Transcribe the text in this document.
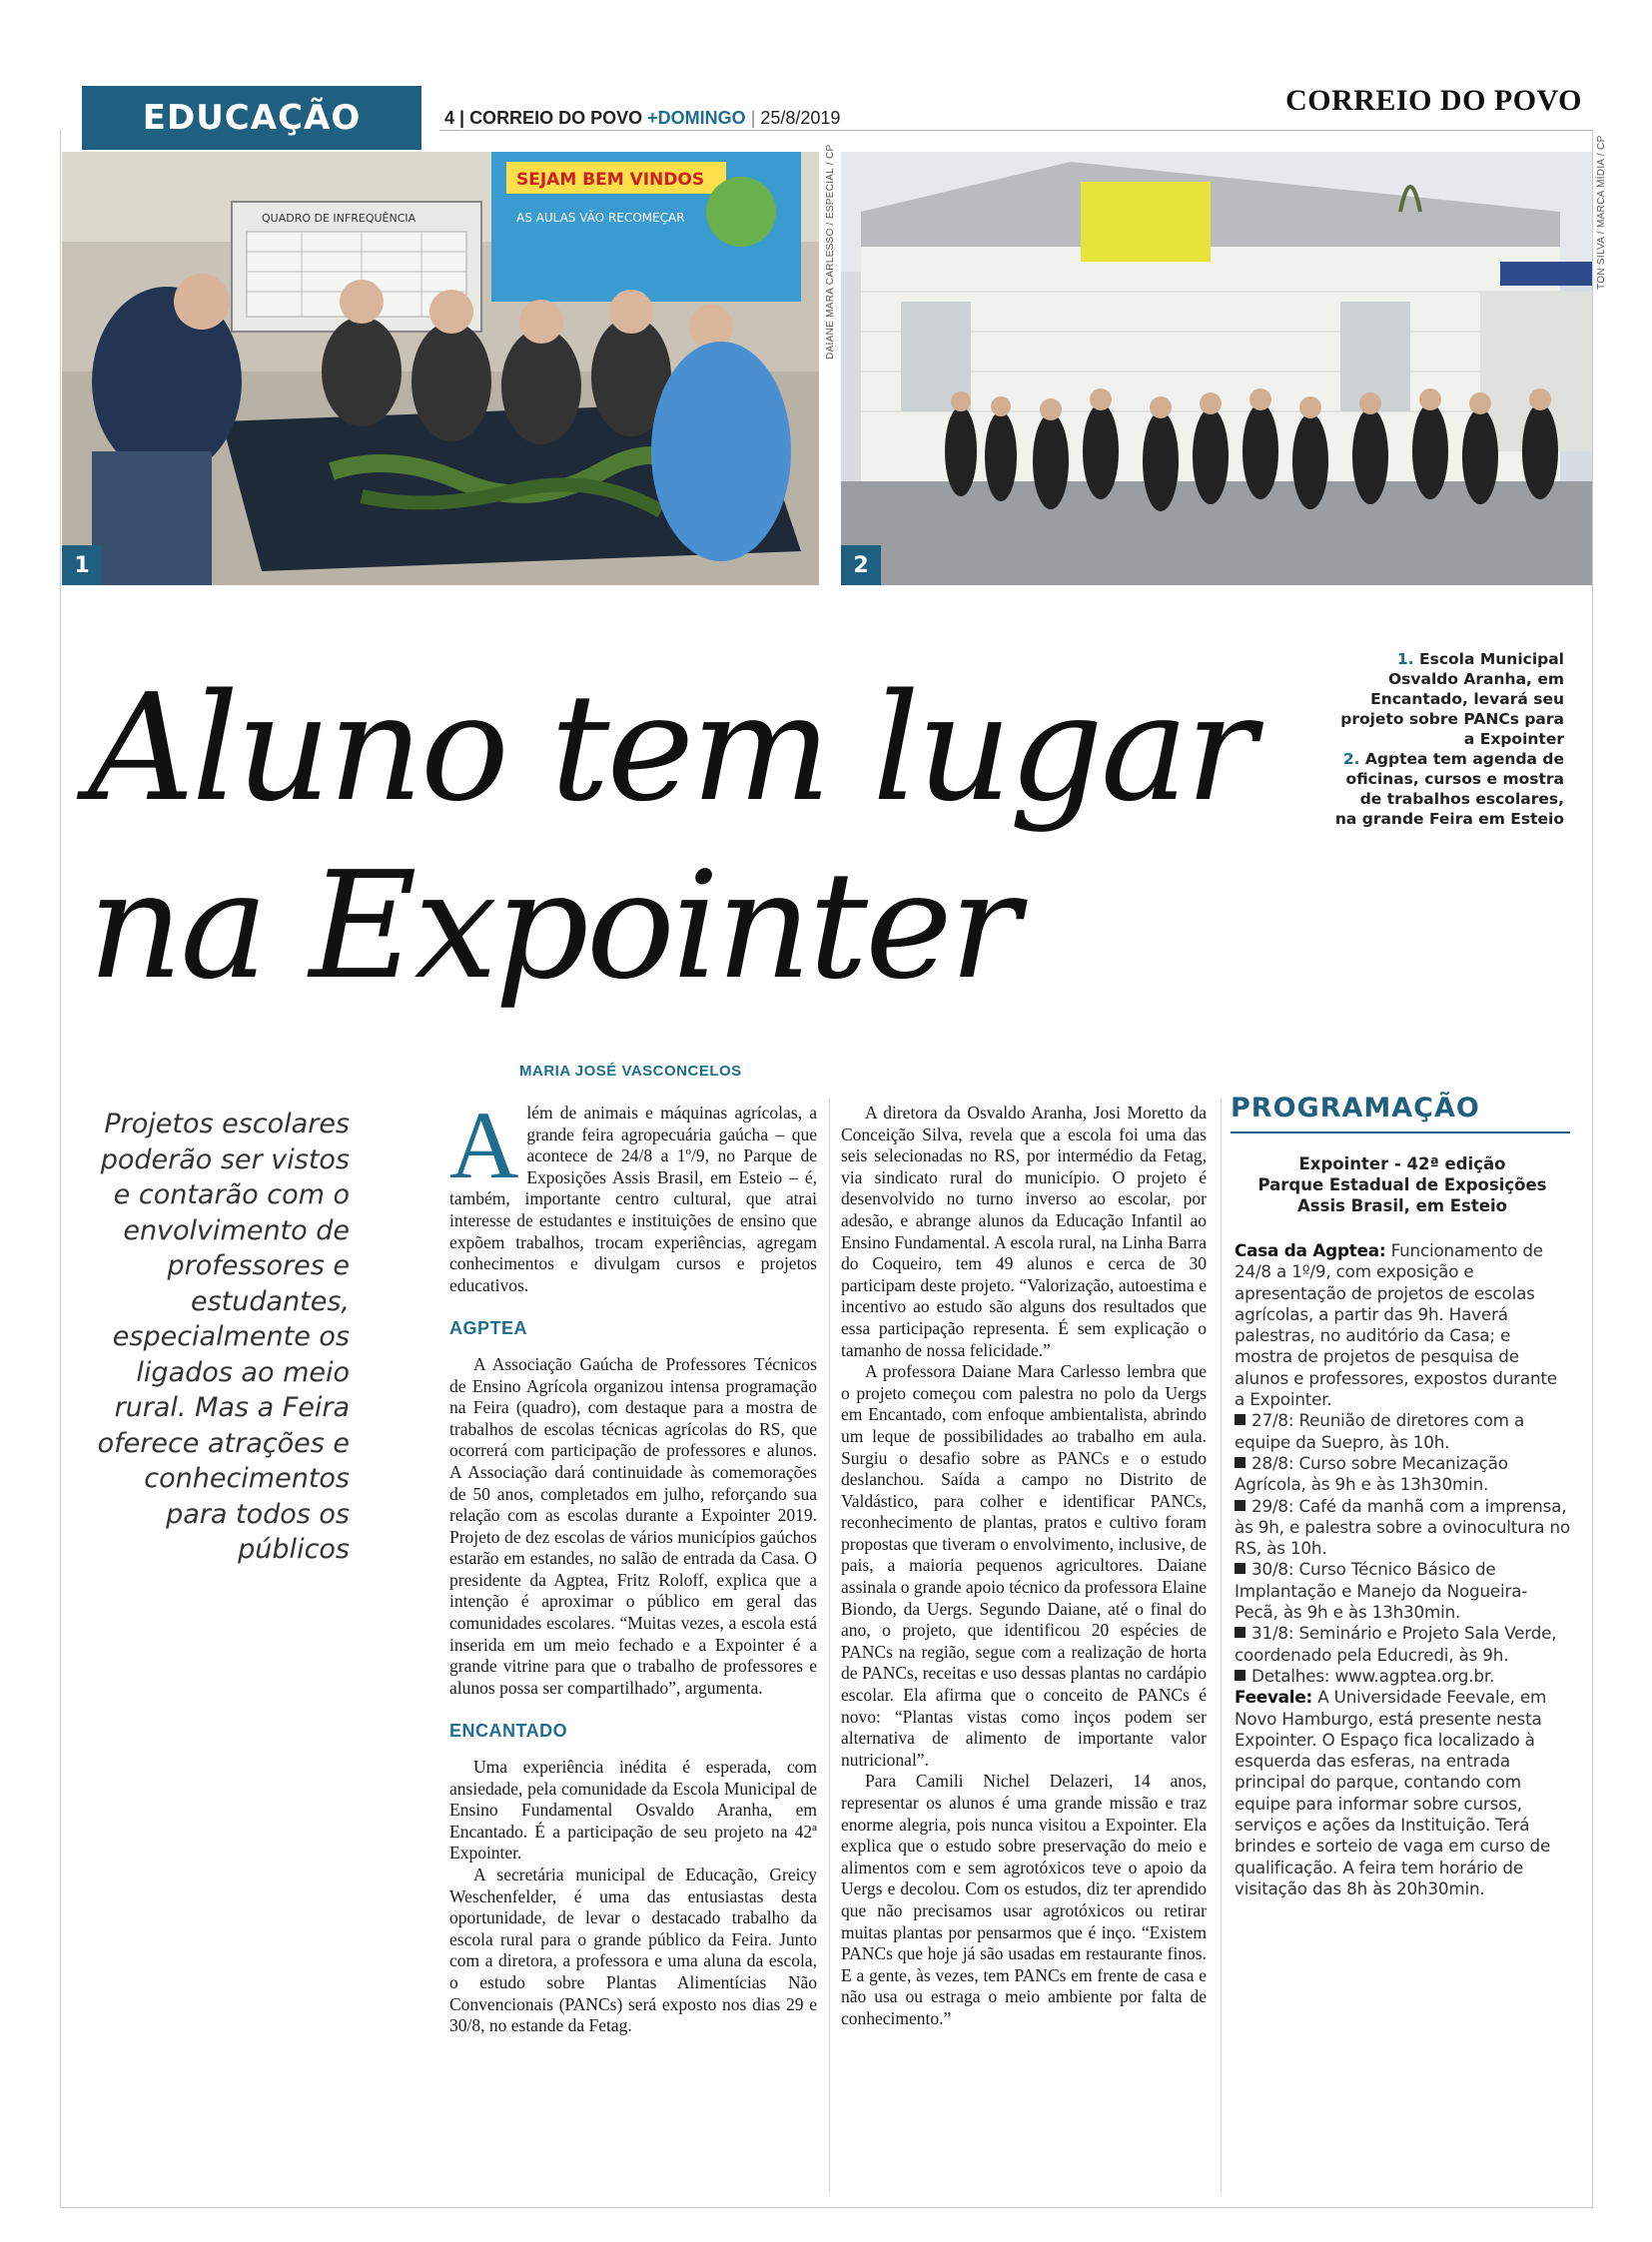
EDUCAÇÃO	4 | CORREIO DO POVO +DOMINGO | 25/8/2019
CORREIO DO POVO
QUADRO DE INFREQUÊNCIA
SEJAM BEM VINDOS
AS AULAS VÃO RECOMEÇAR
1
DAIANE MARA CARLESSO / ESPECIAL / CP
2
TON SILVA / MARCA MÍDIA / CP
1. Escola Municipal Osvaldo Aranha, em Encantado, levará seu projeto sobre PANCs para a Expointer
2. Agptea tem agenda de oficinas, cursos e mostra de trabalhos escolares, na grande Feira em Esteio
Aluno tem lugar
na Expointer
MARIA JOSÉ VASCONCELOS
Projetos escolares poderão ser vistos e contarão com o envolvimento de professores e estudantes, especialmente os ligados ao meio rural. Mas a Feira oferece atrações e conhecimentos para todos os públicos

Além de animais e máquinas agrícolas, a grande feira agropecuária gaúcha – que acontece de 24/8 a 1º/9, no Parque de Exposições Assis Brasil, em Esteio – é, também, importante centro cultural, que atrai interesse de estudantes e instituições de ensino que expõem trabalhos, trocam experiências, agregam conhecimentos e divulgam cursos e projetos educativos.

AGPTEA

A Associação Gaúcha de Professores Técnicos de Ensino Agrícola organizou intensa programação na Feira (quadro), com destaque para a mostra de trabalhos de escolas técnicas agrícolas do RS, que ocorrerá com participação de professores e alunos. A Associação dará continuidade às comemorações de 50 anos, completados em julho, reforçando sua relação com as escolas durante a Expointer 2019. Projeto de dez escolas de vários municípios gaúchos estarão em estandes, no salão de entrada da Casa. O presidente da Agptea, Fritz Roloff, explica que a intenção é aproximar o público em geral das comunidades escolares. “Muitas vezes, a escola está inserida em um meio fechado e a Expointer é a grande vitrine para que o trabalho de professores e alunos possa ser compartilhado”, argumenta.

ENCANTADO

Uma experiência inédita é esperada, com ansiedade, pela comunidade da Escola Municipal de Ensino Fundamental Osvaldo Aranha, em Encantado. É a participação de seu projeto na 42ª Expointer.

A secretária municipal de Educação, Greicy Weschenfelder, é uma das entusiastas desta oportunidade, de levar o destacado trabalho da escola rural para o grande público da Feira. Junto com a diretora, a professora e uma aluna da escola, o estudo sobre Plantas Alimentícias Não Convencionais (PANCs) será exposto nos dias 29 e 30/8, no estande da Fetag.

A diretora da Osvaldo Aranha, Josi Moretto da Conceição Silva, revela que a escola foi uma das seis selecionadas no RS, por intermédio da Fetag, via sindicato rural do município. O projeto é desenvolvido no turno inverso ao escolar, por adesão, e abrange alunos da Educação Infantil ao Ensino Fundamental. A escola rural, na Linha Barra do Coqueiro, tem 49 alunos e cerca de 30 participam deste projeto. “Valorização, autoestima e incentivo ao estudo são alguns dos resultados que essa participação representa. É sem explicação o tamanho de nossa felicidade.”

A professora Daiane Mara Carlesso lembra que o projeto começou com palestra no polo da Uergs em Encantado, com enfoque ambientalista, abrindo um leque de possibilidades ao trabalho em aula. Surgiu o desafio sobre as PANCs e o estudo deslanchou. Saída a campo no Distrito de Valdástico, para colher e identificar PANCs, reconhecimento de plantas, pratos e cultivo foram propostas que tiveram o envolvimento, inclusive, de pais, a maioria pequenos agricultores. Daiane assinala o grande apoio técnico da professora Elaine Biondo, da Uergs. Segundo Daiane, até o final do ano, o projeto, que identificou 20 espécies de PANCs na região, segue com a realização de horta de PANCs, receitas e uso dessas plantas no cardápio escolar. Ela afirma que o conceito de PANCs é novo: “Plantas vistas como inços podem ser alternativa de alimento de importante valor nutricional”.

Para Camili Nichel Delazeri, 14 anos, representar os alunos é uma grande missão e traz enorme alegria, pois nunca visitou a Expointer. Ela explica que o estudo sobre preservação do meio e alimentos com e sem agrotóxicos teve o apoio da Uergs e decolou. Com os estudos, diz ter aprendido que não precisamos usar agrotóxicos ou retirar muitas plantas por pensarmos que é inço. “Existem PANCs que hoje já são usadas em restaurante finos. E a gente, às vezes, tem PANCs em frente de casa e não usa ou estraga o meio ambiente por falta de conhecimento.”

PROGRAMAÇÃO
Expointer - 42ª edição
Parque Estadual de Exposições
Assis Brasil, em Esteio
Casa da Agptea: Funcionamento de 24/8 a 1º/9, com exposição e apresentação de projetos de escolas agrícolas, a partir das 9h. Haverá palestras, no auditório da Casa; e mostra de projetos de pesquisa de alunos e professores, expostos durante a Expointer.
27/8: Reunião de diretores com a equipe da Suepro, às 10h.
28/8: Curso sobre Mecanização Agrícola, às 9h e às 13h30min.
29/8: Café da manhã com a imprensa, às 9h, e palestra sobre a ovinocultura no RS, às 10h.
30/8: Curso Técnico Básico de Implantação e Manejo da Nogueira-Pecã, às 9h e às 13h30min.
31/8: Seminário e Projeto Sala Verde, coordenado pela Educredi, às 9h.
Detalhes: www.agptea.org.br.
Feevale: A Universidade Feevale, em Novo Hamburgo, está presente nesta Expointer. O Espaço fica localizado à esquerda das esferas, na entrada principal do parque, contando com equipe para informar sobre cursos, serviços e ações da Instituição. Terá brindes e sorteio de vaga em curso de qualificação. A feira tem horário de visitação das 8h às 20h30min.
